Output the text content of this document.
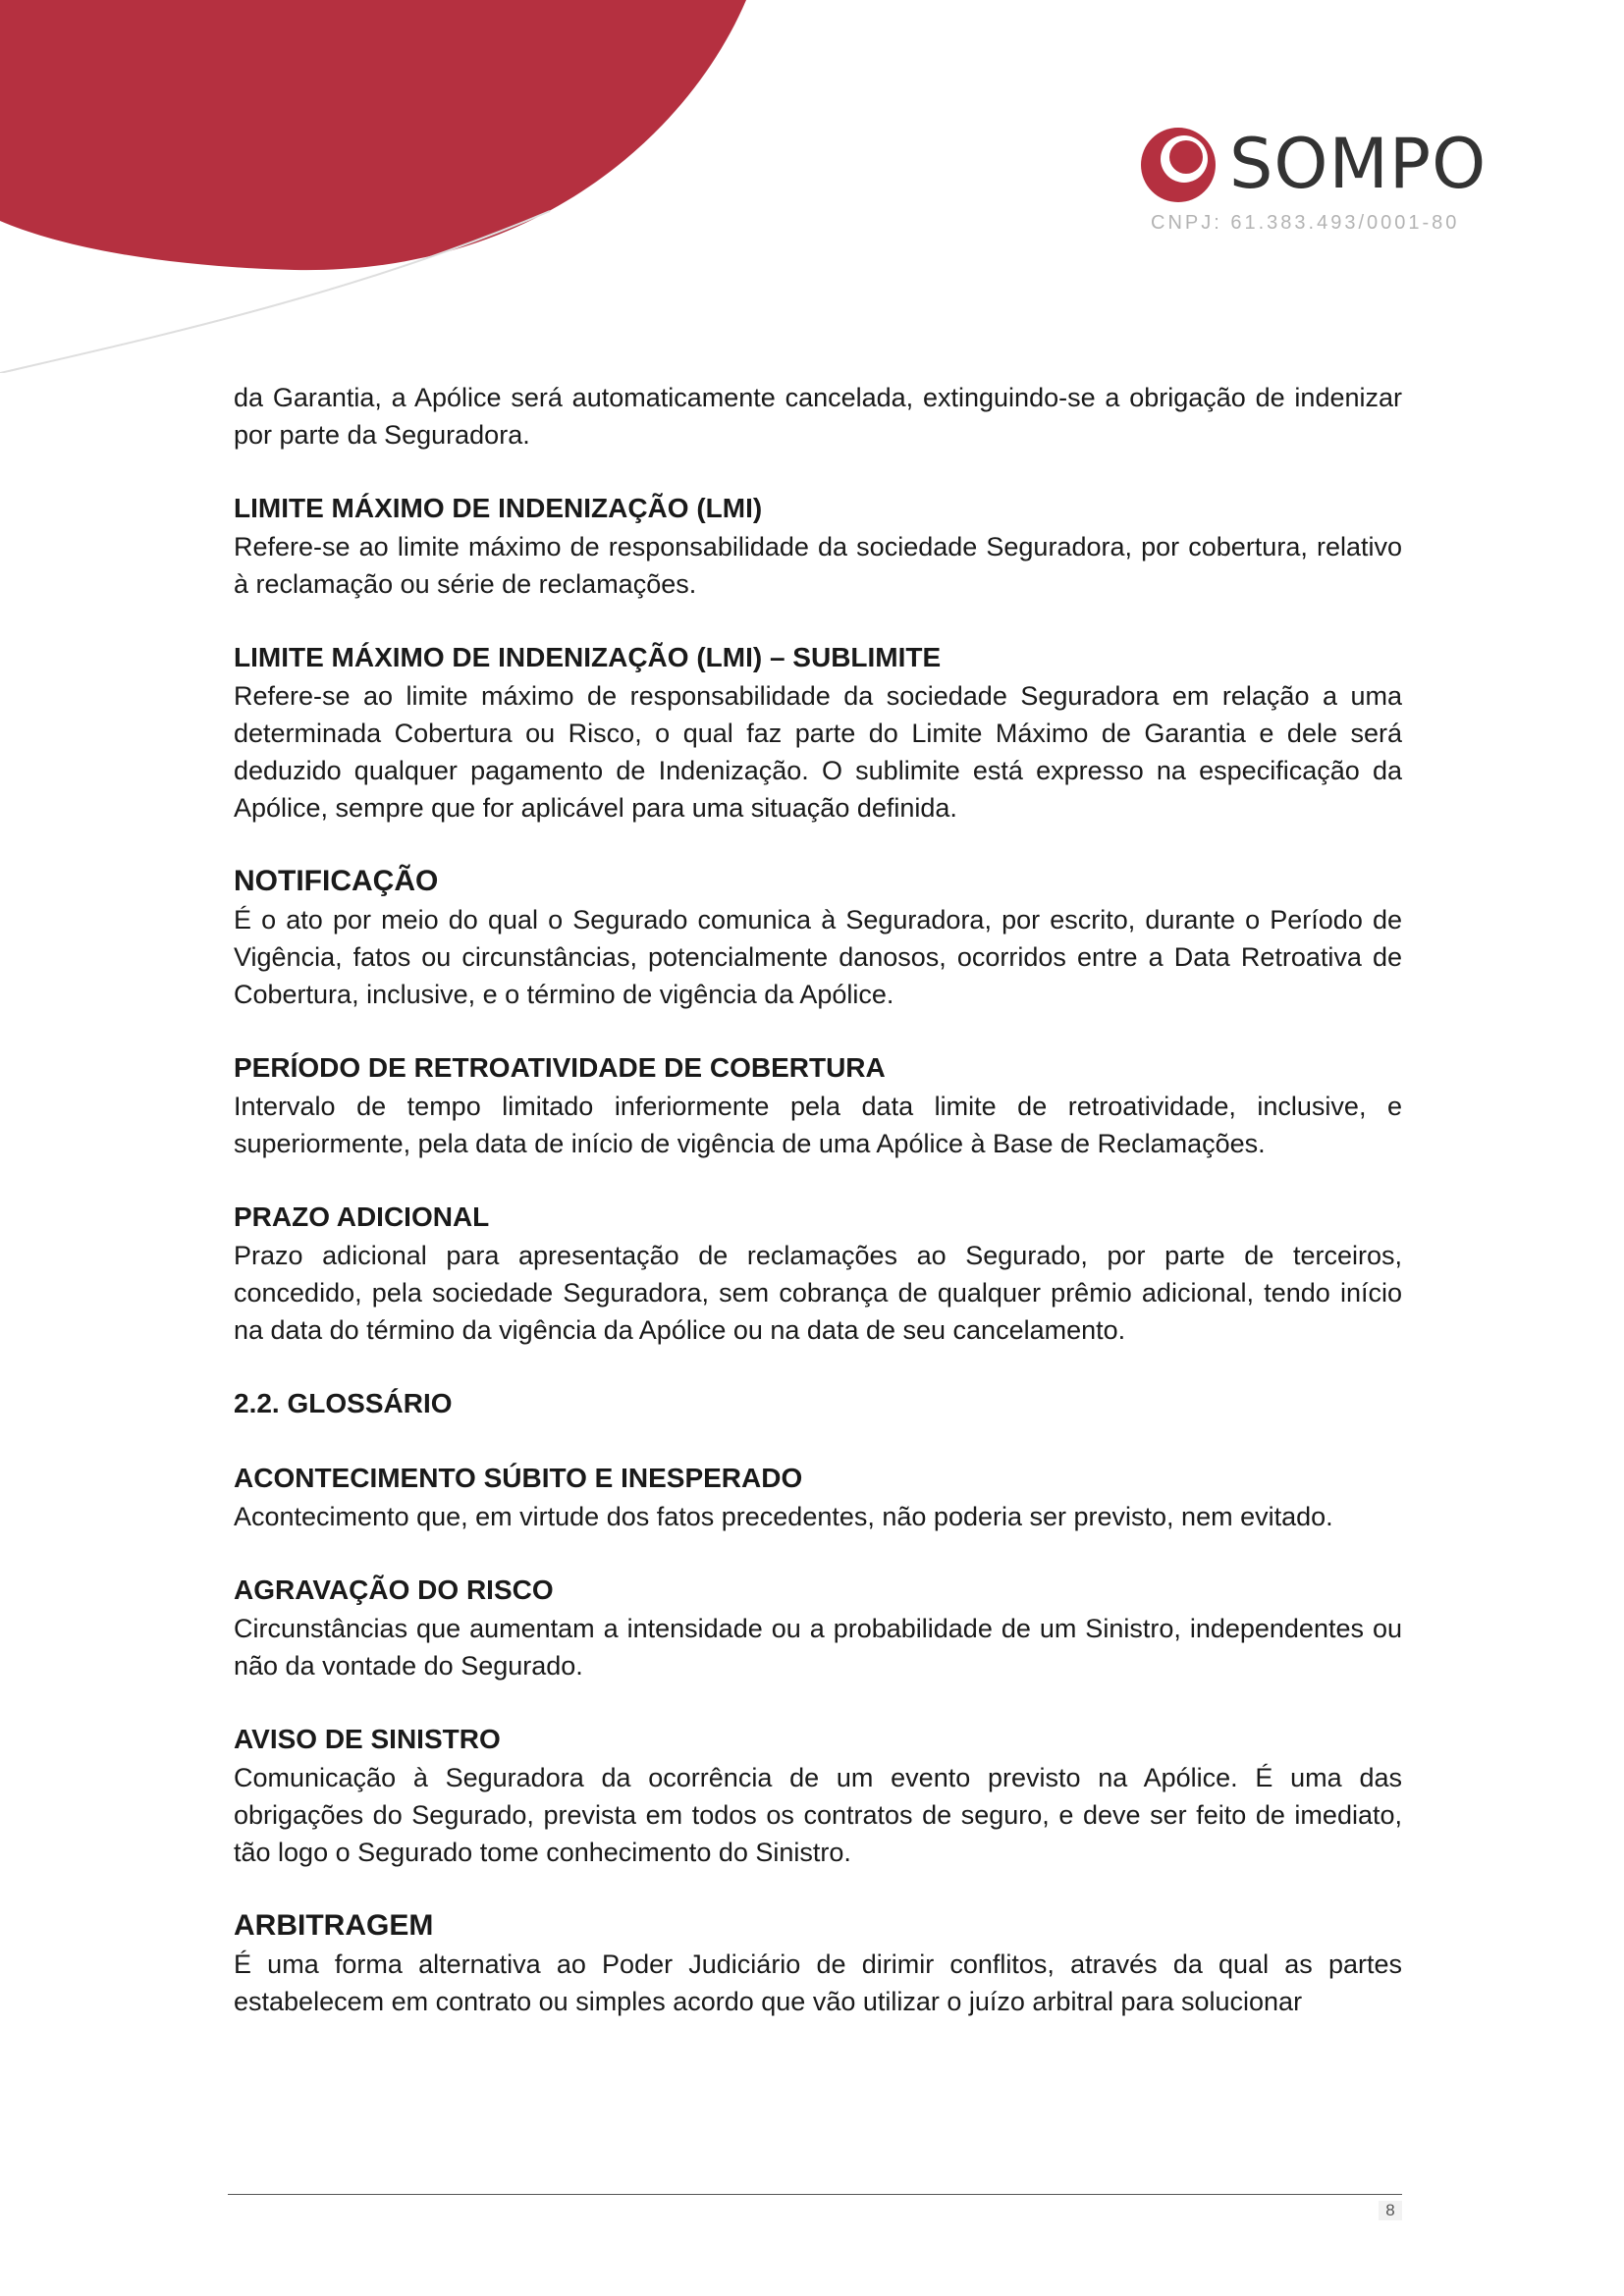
SOMPO
CNPJ: 61.383.493/0001-80

da Garantia, a Apólice será automaticamente cancelada, extinguindo-se a obrigação de indenizar por parte da Seguradora.

LIMITE MÁXIMO DE INDENIZAÇÃO (LMI)

Refere-se ao limite máximo de responsabilidade da sociedade Seguradora, por cobertura, relativo à reclamação ou série de reclamações.

LIMITE MÁXIMO DE INDENIZAÇÃO (LMI) – SUBLIMITE

Refere-se ao limite máximo de responsabilidade da sociedade Seguradora em relação a uma determinada Cobertura ou Risco, o qual faz parte do Limite Máximo de Garantia e dele será deduzido qualquer pagamento de Indenização. O sublimite está expresso na especificação da Apólice, sempre que for aplicável para uma situação definida.

NOTIFICAÇÃO

É o ato por meio do qual o Segurado comunica à Seguradora, por escrito, durante o Período de Vigência, fatos ou circunstâncias, potencialmente danosos, ocorridos entre a Data Retroativa de Cobertura, inclusive, e o término de vigência da Apólice.

PERÍODO DE RETROATIVIDADE DE COBERTURA

Intervalo de tempo limitado inferiormente pela data limite de retroatividade, inclusive, e superiormente, pela data de início de vigência de uma Apólice à Base de Reclamações.

PRAZO ADICIONAL

Prazo adicional para apresentação de reclamações ao Segurado, por parte de terceiros, concedido, pela sociedade Seguradora, sem cobrança de qualquer prêmio adicional, tendo início na data do término da vigência da Apólice ou na data de seu cancelamento.

2.2. GLOSSÁRIO

ACONTECIMENTO SÚBITO E INESPERADO

Acontecimento que, em virtude dos fatos precedentes, não poderia ser previsto, nem evitado.

AGRAVAÇÃO DO RISCO

Circunstâncias que aumentam a intensidade ou a probabilidade de um Sinistro, independentes ou não da vontade do Segurado.

AVISO DE SINISTRO

Comunicação à Seguradora da ocorrência de um evento previsto na Apólice. É uma das obrigações do Segurado, prevista em todos os contratos de seguro, e deve ser feito de imediato, tão logo o Segurado tome conhecimento do Sinistro.

ARBITRAGEM

É uma forma alternativa ao Poder Judiciário de dirimir conflitos, através da qual as partes estabelecem em contrato ou simples acordo que vão utilizar o juízo arbitral para solucionar

8
